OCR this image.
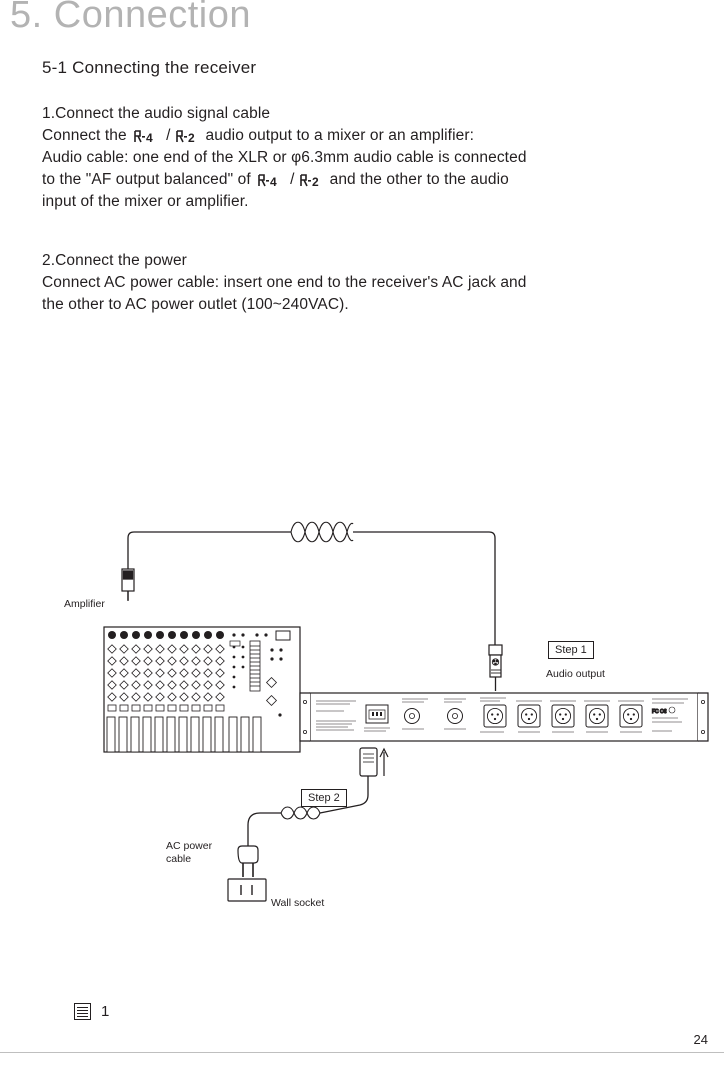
5. Connection
5-1 Connecting the receiver
1.Connect the audio signal cable
Connect the 4 / 2 audio output to a mixer or an amplifier:
Audio cable: one end of the XLR or φ6.3mm audio cable is connected
to the "AF output balanced" of 4 / 2 and the other to the audio
input of the mixer or amplifier.
2.Connect the power
Connect AC power cable: insert one end to the receiver's AC jack and
the other to AC power outlet (100~240VAC).
FC C€
Amplifier
Step 1
Audio output
Step 2
AC power
cable
Wall socket
1
24
